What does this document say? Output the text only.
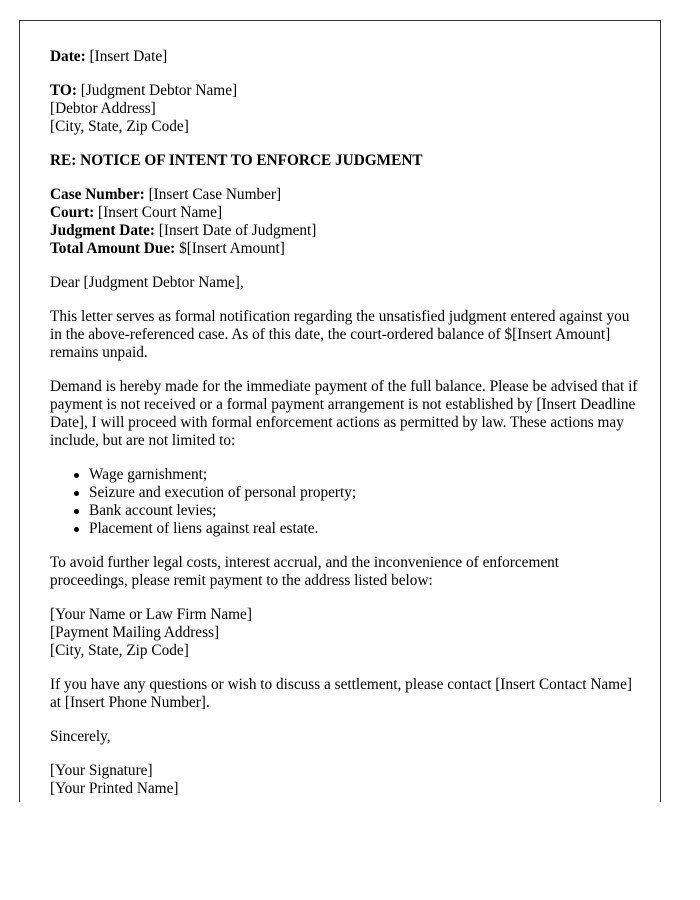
Date: [Insert Date]
TO: [Judgment Debtor Name]
[Debtor Address]
[City, State, Zip Code]
RE: NOTICE OF INTENT TO ENFORCE JUDGMENT
Case Number: [Insert Case Number]
Court: [Insert Court Name]
Judgment Date: [Insert Date of Judgment]
Total Amount Due: $[Insert Amount]

Dear [Judgment Debtor Name],

This letter serves as formal notification regarding the unsatisfied judgment entered against you in the above-referenced case. As of this date, the court-ordered balance of $[Insert Amount] remains unpaid.

Demand is hereby made for the immediate payment of the full balance. Please be advised that if payment is not received or a formal payment arrangement is not established by [Insert Deadline Date], I will proceed with formal enforcement actions as permitted by law. These actions may include, but are not limited to:

Wage garnishment;
Seizure and execution of personal property;
Bank account levies;
Placement of liens against real estate.

To avoid further legal costs, interest accrual, and the inconvenience of enforcement proceedings, please remit payment to the address listed below:

[Your Name or Law Firm Name]
[Payment Mailing Address]
[City, State, Zip Code]

If you have any questions or wish to discuss a settlement, please contact [Insert Contact Name] at [Insert Phone Number].

Sincerely,

[Your Signature]
[Your Printed Name]
